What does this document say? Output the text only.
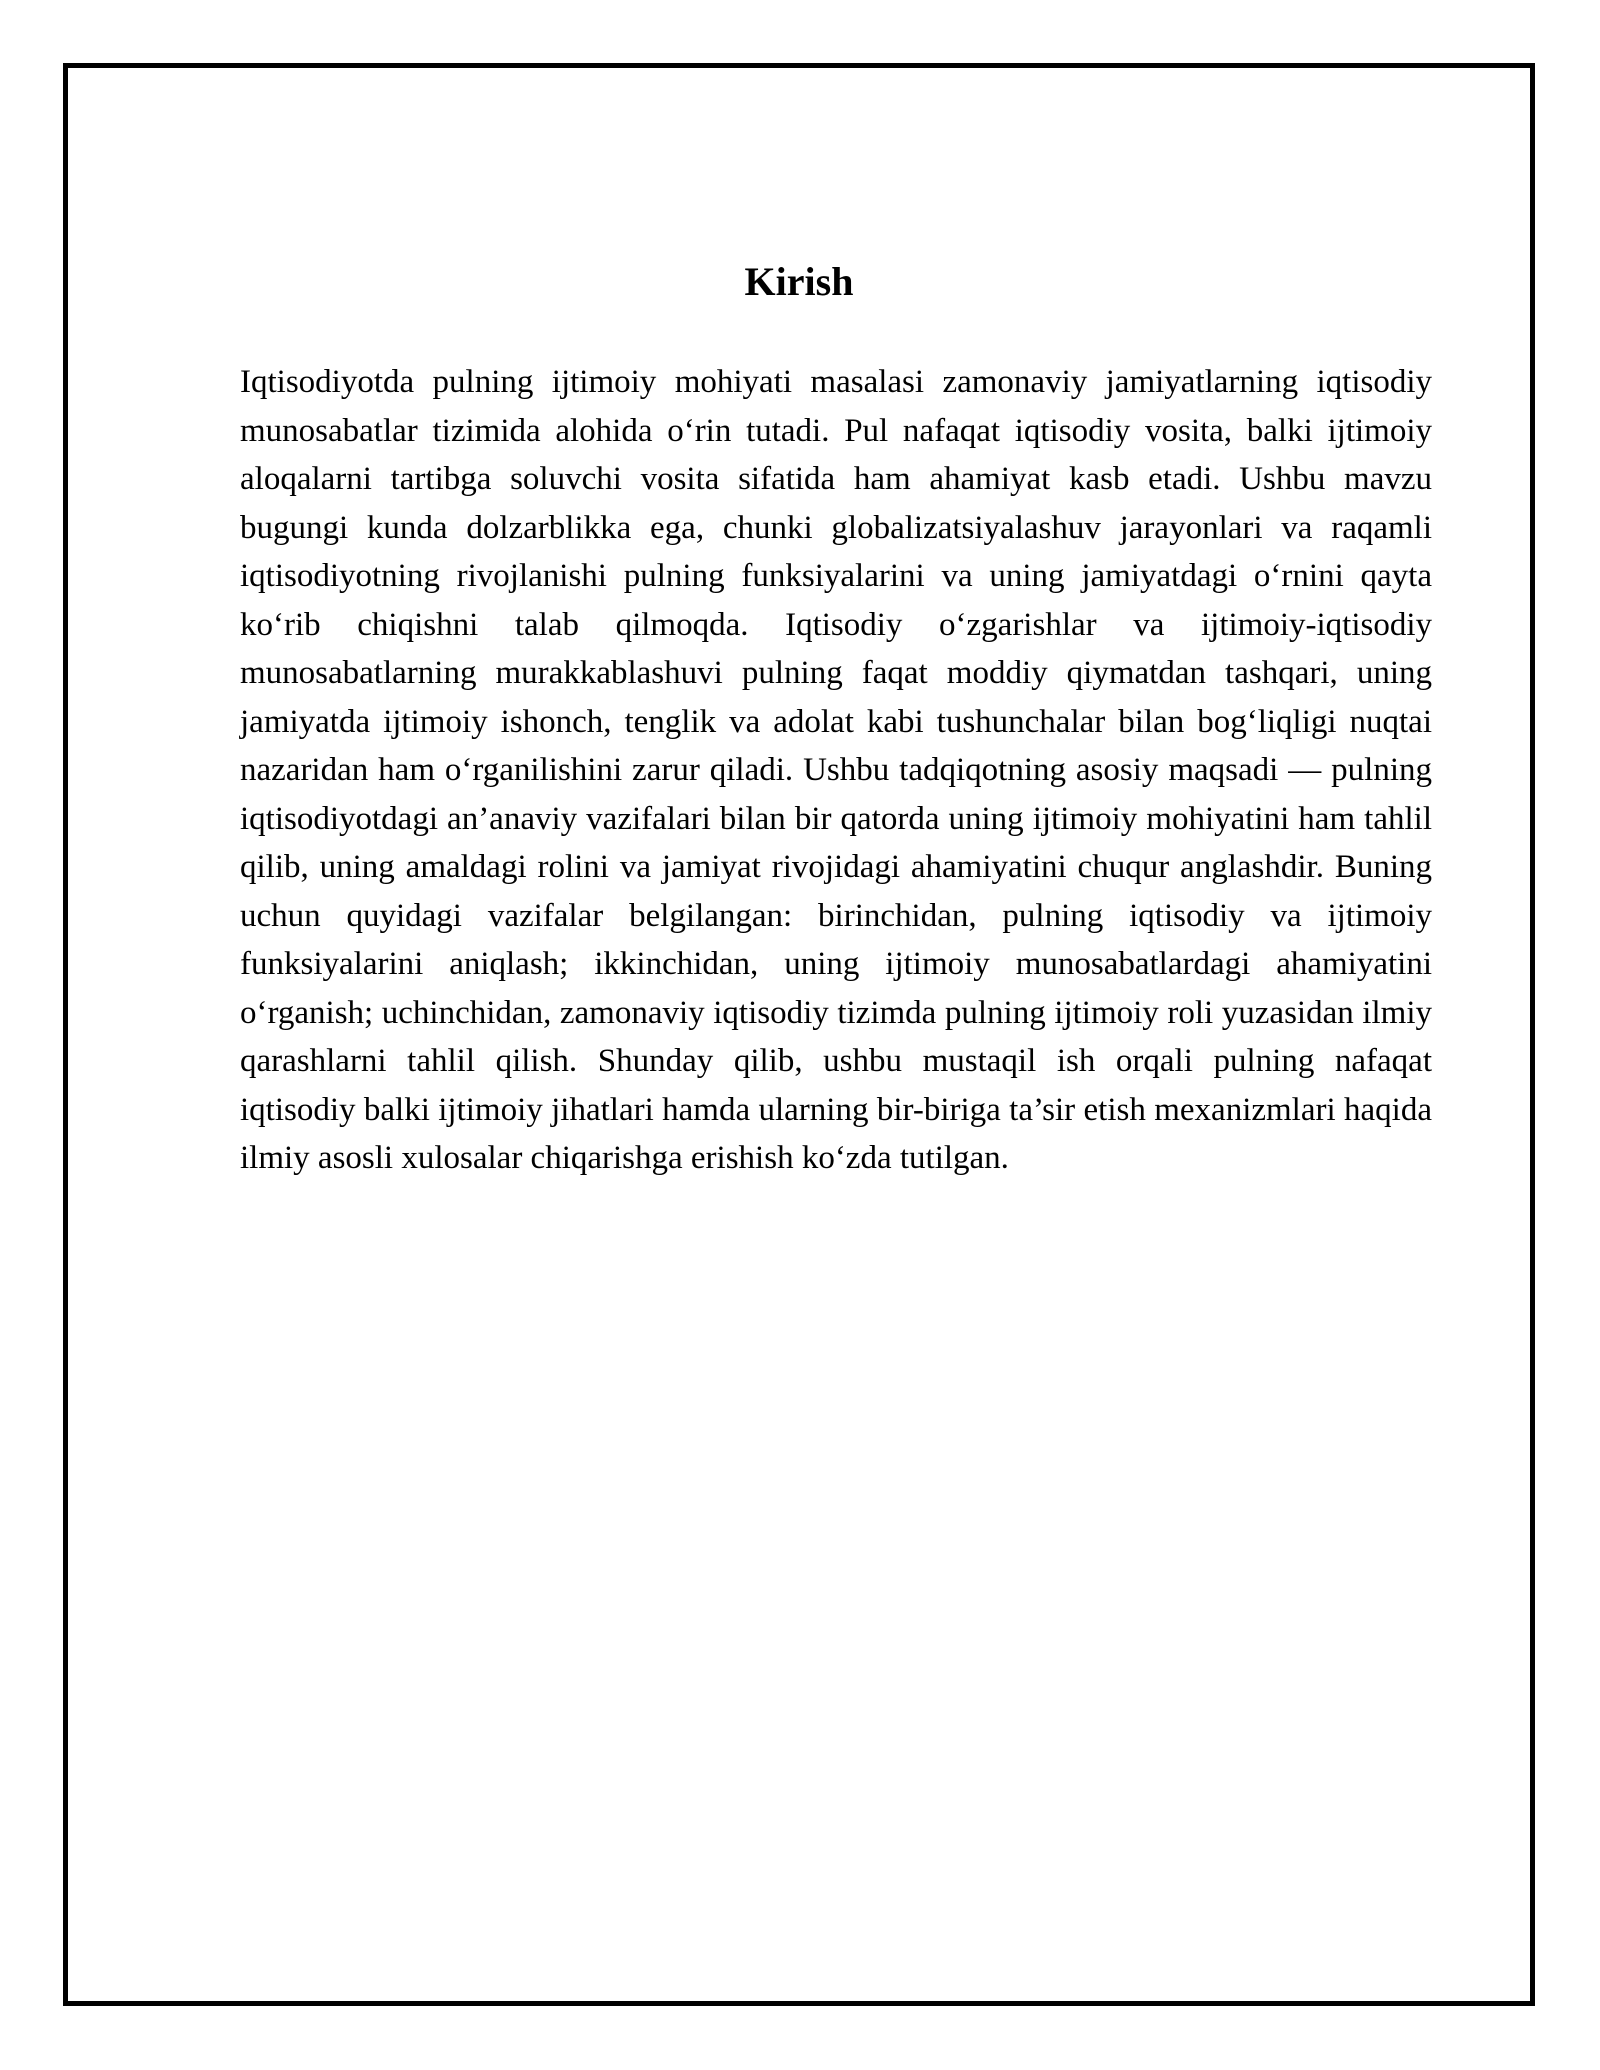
Kirish

Iqtisodiyotda pulning ijtimoiy mohiyati masalasi zamonaviy jamiyatlarning iqtisodiy munosabatlar tizimida alohida oʻrin tutadi. Pul nafaqat iqtisodiy vosita, balki ijtimoiy aloqalarni tartibga soluvchi vosita sifatida ham ahamiyat kasb etadi. Ushbu mavzu bugungi kunda dolzarblikka ega, chunki globalizatsiyalashuv jarayonlari va raqamli iqtisodiyotning rivojlanishi pulning funksiyalarini va uning jamiyatdagi oʻrnini qayta koʻrib chiqishni talab qilmoqda. Iqtisodiy oʻzgarishlar va ijtimoiy-iqtisodiy munosabatlarning murakkablashuvi pulning faqat moddiy qiymatdan tashqari, uning jamiyatda ijtimoiy ishonch, tenglik va adolat kabi tushunchalar bilan bogʻliqligi nuqtai nazaridan ham oʻrganilishini zarur qiladi. Ushbu tadqiqotning asosiy maqsadi — pulning iqtisodiyotdagi an’anaviy vazifalari bilan bir qatorda uning ijtimoiy mohiyatini ham tahlil qilib, uning amaldagi rolini va jamiyat rivojidagi ahamiyatini chuqur anglashdir. Buning uchun quyidagi vazifalar belgilangan: birinchidan, pulning iqtisodiy va ijtimoiy funksiyalarini aniqlash; ikkinchidan, uning ijtimoiy munosabatlardagi ahamiyatini oʻrganish; uchinchidan, zamonaviy iqtisodiy tizimda pulning ijtimoiy roli yuzasidan ilmiy qarashlarni tahlil qilish. Shunday qilib, ushbu mustaqil ish orqali pulning nafaqat iqtisodiy balki ijtimoiy jihatlari hamda ularning bir-biriga ta’sir etish mexanizmlari haqida ilmiy asosli xulosalar chiqarishga erishish koʻzda tutilgan.
